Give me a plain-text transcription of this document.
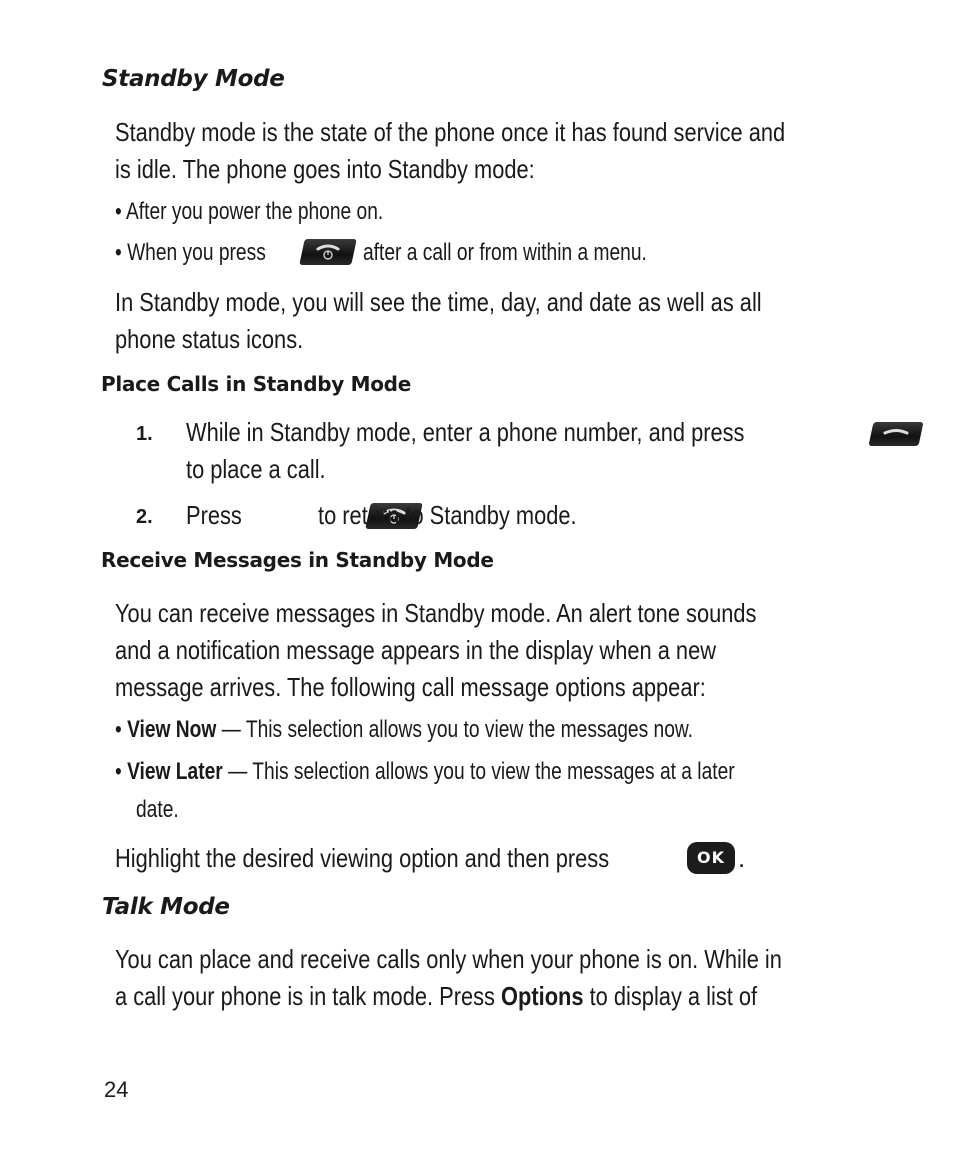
Standby Mode
Standby mode is the state of the phone once it has found service and
is idle. The phone goes into Standby mode:
• After you power the phone on.
• When you press
	after a call or from within a menu.
In Standby mode, you will see the time, day, and date as well as all
phone status icons.
Place Calls in Standby Mode
1. While in Standby mode, enter a phone number, and press
to place a call.

2. Press	to return to Standby mode.
Receive Messages in Standby Mode
You can receive messages in Standby mode. An alert tone sounds
and a notification message appears in the display when a new
message arrives. The following call message options appear:
• View Now — This selection allows you to view the messages now.
• View Later — This selection allows you to view the messages at a later
date.
Highlight the desired viewing option and then press	OK .
Talk Mode
You can place and receive calls only when your phone is on. While in
a call your phone is in talk mode. Press Options to display a list of
24
